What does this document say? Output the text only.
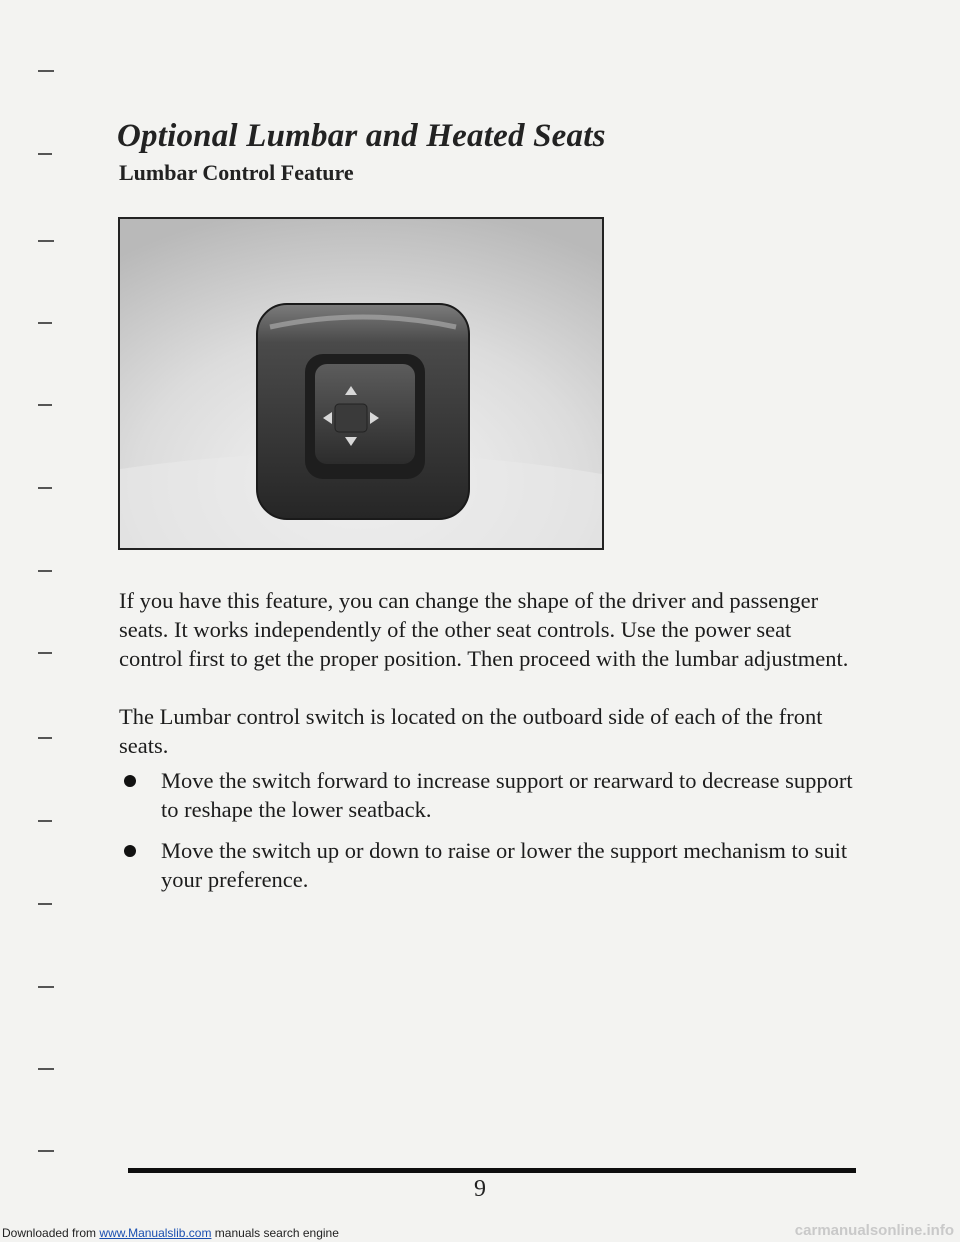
Optional Lumbar and Heated Seats
Lumbar Control Feature

If you have this feature, you can change the shape of the driver and passenger seats. It works independently of the other seat controls. Use the power seat control first to get the proper position. Then proceed with the lumbar adjustment.

The Lumbar control switch is located on the outboard side of each of the front seats.

Move the switch forward to increase support or rearward to decrease support to reshape the lower seatback.
Move the switch up or down to raise or lower the support mechanism to suit your preference.
9
Downloaded from www.Manualslib.com manuals search engine	carmanualsonline.info
